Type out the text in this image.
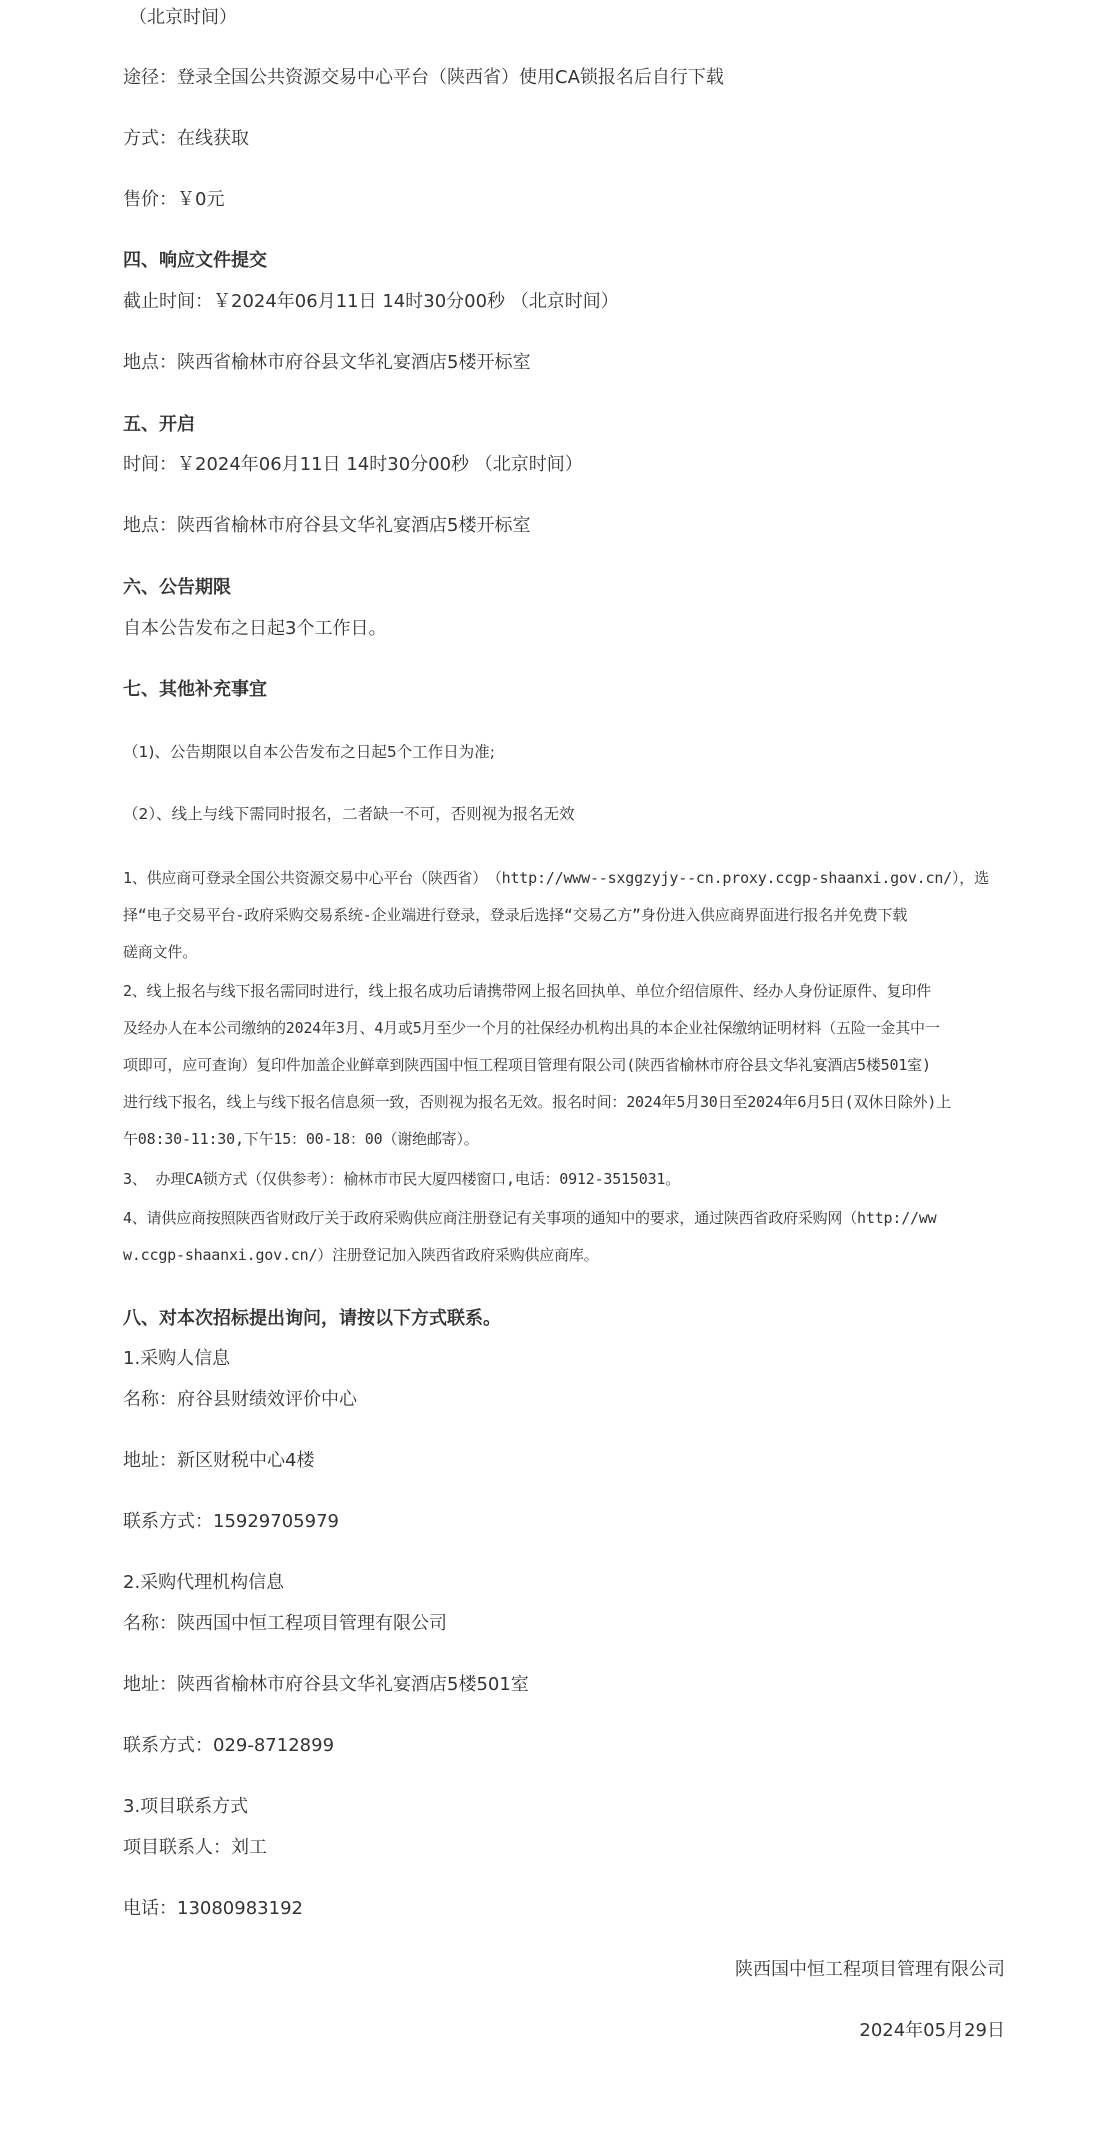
（北京时间）
途径：登录全国公共资源交易中心平台（陕西省）使用CA锁报名后自行下载
方式：在线获取
售价：￥0元
四、响应文件提交
截止时间：￥2024年06月11日 14时30分00秒 （北京时间）
地点：陕西省榆林市府谷县文华礼宴酒店5楼开标室
五、开启
时间：￥2024年06月11日 14时30分00秒 （北京时间）
地点：陕西省榆林市府谷县文华礼宴酒店5楼开标室
六、公告期限
自本公告发布之日起3个工作日。
七、其他补充事宜
（1)、公告期限以自本公告发布之日起5个工作日为准;
（2）、线上与线下需同时报名，二者缺一不可，否则视为报名无效
1、供应商可登录全国公共资源交易中心平台（陕西省）　（http://www--sxggzyjy--cn.proxy.ccgp-shaanxi.gov.cn/），选
择“电子交易平台-政府采购交易系统-企业端进行登录，登录后选择“交易乙方”身份进入供应商界面进行报名并免费下载
磋商文件。
2、线上报名与线下报名需同时进行，线上报名成功后请携带网上报名回执单、单位介绍信原件、经办人身份证原件、复印件
及经办人在本公司缴纳的2024年3月、4月或5月至少一个月的社保经办机构出具的本企业社保缴纳证明材料（五险一金其中一
项即可，应可查询）复印件加盖企业鲜章到陕西国中恒工程项目管理有限公司(陕西省榆林市府谷县文华礼宴酒店5楼501室)
进行线下报名，线上与线下报名信息须一致，否则视为报名无效。报名时间：2024年5月30日至2024年6月5日(双休日除外)上
午08:30-11:30,下午15：00-18：00（谢绝邮寄）。
3、 办理CA锁方式（仅供参考）：榆林市市民大厦四楼窗口,电话：0912-3515031。
4、请供应商按照陕西省财政厅关于政府采购供应商注册登记有关事项的通知中的要求，通过陕西省政府采购网（http://ww
w.ccgp-shaanxi.gov.cn/）注册登记加入陕西省政府采购供应商库。
八、对本次招标提出询问，请按以下方式联系。
1.采购人信息
名称：府谷县财绩效评价中心
地址：新区财税中心4楼
联系方式：15929705979
2.采购代理机构信息
名称：陕西国中恒工程项目管理有限公司
地址：陕西省榆林市府谷县文华礼宴酒店5楼501室
联系方式：029-8712899
3.项目联系方式
项目联系人：刘工
电话：13080983192
陕西国中恒工程项目管理有限公司
2024年05月29日
